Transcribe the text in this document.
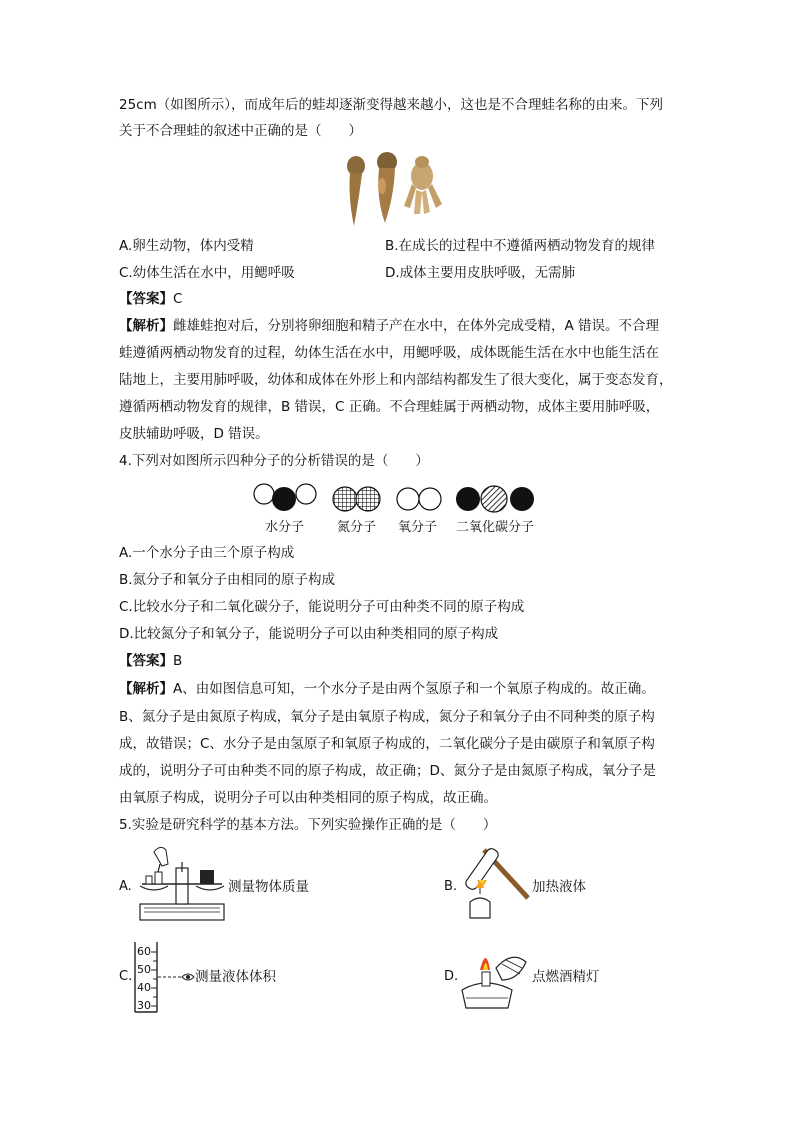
25cm（如图所示），而成年后的蛙却逐渐变得越来越小，这也是不合理蛙名称的由来。下列
关于不合理蛙的叙述中正确的是（　　）
A.卵生动物，体内受精	B.在成长的过程中不遵循两栖动物发育的规律
C.幼体生活在水中，用鳃呼吸	D.成体主要用皮肤呼吸，无需肺
【答案】C
【解析】雌雄蛙抱对后，分别将卵细胞和精子产在水中，在体外完成受精，A 错误。不合理
蛙遵循两栖动物发育的过程，幼体生活在水中，用鳃呼吸，成体既能生活在水中也能生活在
陆地上，主要用肺呼吸，幼体和成体在外形上和内部结构都发生了很大变化，属于变态发育，
遵循两栖动物发育的规律，B 错误，C 正确。不合理蛙属于两栖动物，成体主要用肺呼吸，
皮肤辅助呼吸，D 错误。
4.下列对如图所示四种分子的分析错误的是（　　）
水分子	氮分子 氧分子 二氧化碳分子
A.一个水分子由三个原子构成
B.氮分子和氧分子由相同的原子构成
C.比较水分子和二氧化碳分子，能说明分子可由种类不同的原子构成
D.比较氮分子和氧分子，能说明分子可以由种类相同的原子构成
【答案】B
【解析】A、由如图信息可知，一个水分子是由两个氢原子和一个氧原子构成的。故正确。
B、氮分子是由氮原子构成，氧分子是由氧原子构成，氮分子和氧分子由不同种类的原子构
成，故错误；C、水分子是由氢原子和氧原子构成的，二氧化碳分子是由碳原子和氧原子构
成的，说明分子可由种类不同的原子构成，故正确；D、氮分子是由氮原子构成，氧分子是
由氧原子构成，说明分子可以由种类相同的原子构成，故正确。
5.实验是研究科学的基本方法。下列实验操作正确的是（　　）
A.	测量物体质量	B.	加热液体
C.
60
50
40
30
测量液体体积	D.	点燃酒精灯
